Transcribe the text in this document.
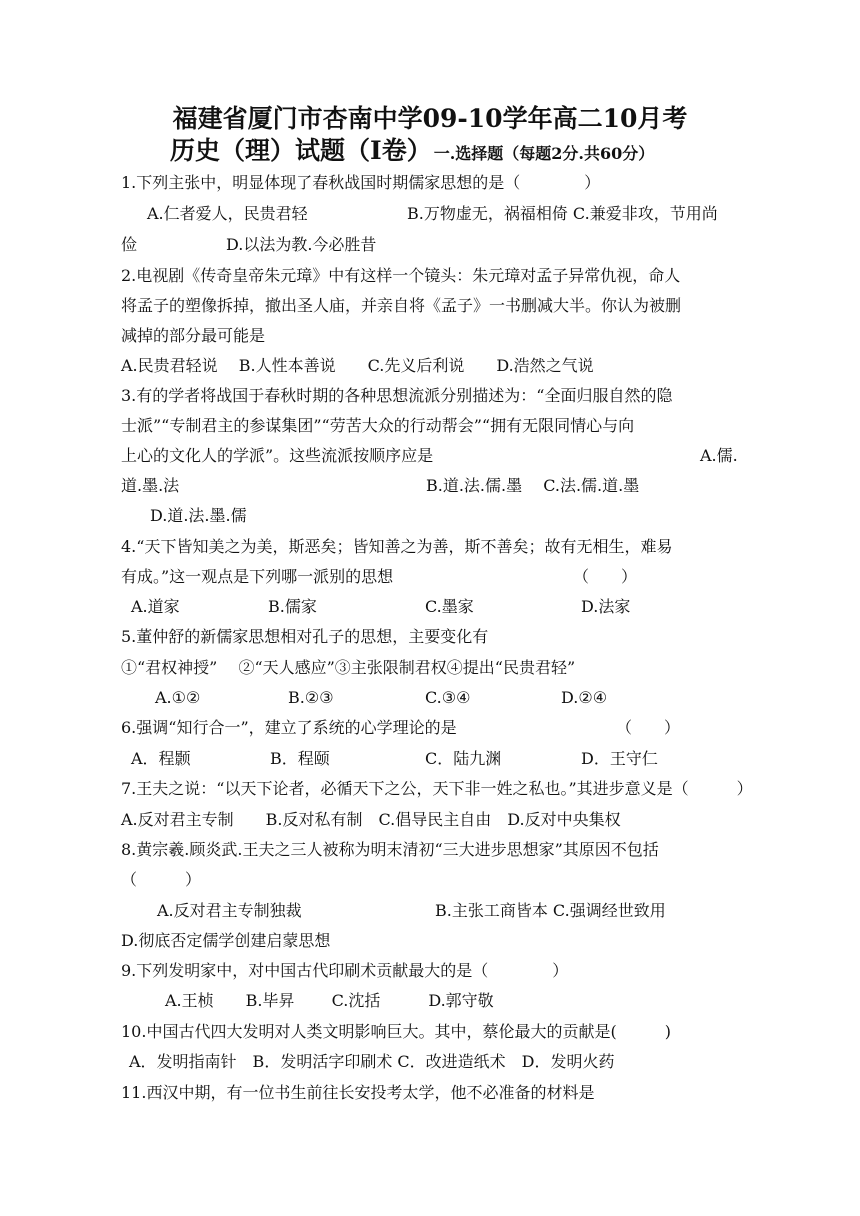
福建省厦门市杏南中学09-10学年高二10月考
历史（理）试题（Ⅰ卷） 一.选择题（每题2分.共60分）
1.下列主张中，明显体现了春秋战国时期儒家思想的是（　　　　）
A.仁者爱人，民贵君轻	B.万物虚无，祸福相倚 C.兼爱非攻，节用尚
俭	D.以法为教.今必胜昔
2.电视剧《传奇皇帝朱元璋》中有这样一个镜头：朱元璋对孟子异常仇视，命人
将孟子的塑像拆掉，撤出圣人庙，并亲自将《孟子》一书删减大半。你认为被删
减掉的部分最可能是
A.民贵君轻说　 B.人性本善说　　C.先义后利说　　D.浩然之气说
3.有的学者将战国于春秋时期的各种思想流派分别描述为：“全面归服自然的隐
士派”“专制君主的参谋集团”“劳苦大众的行动帮会”“拥有无限同情心与向
上心的文化人的学派”。这些流派按顺序应是	A.儒.
道.墨.法	B.道.法.儒.墨　 C.法.儒.道.墨
D.道.法.墨.儒
4.“天下皆知美之为美，斯恶矣；皆知善之为善，斯不善矣；故有无相生，难易
有成。”这一观点是下列哪一派别的思想	（　　）
A.道家	B.儒家	C.墨家	D.法家
5.董仲舒的新儒家思想相对孔子的思想，主要变化有
①“君权神授”　 ②“天人感应”③主张限制君权④提出“民贵君轻”
A.①②	B.②③	C.③④	D.②④
6.强调“知行合一”，建立了系统的心学理论的是	（　　）
A．程颢	B．程颐	C．陆九渊	D．王守仁
7.王夫之说：“以天下论者，必循天下之公，天下非一姓之私也。”其进步意义是（　　　）
A.反对君主专制　　B.反对私有制　C.倡导民主自由　D.反对中央集权
8.黄宗羲.顾炎武.王夫之三人被称为明末清初“三大进步思想家”其原因不包括
（　　　）
A.反对君主专制独裁	B.主张工商皆本 C.强调经世致用
D.彻底否定儒学创建启蒙思想
9.下列发明家中，对中国古代印刷术贡献最大的是（　　　　）
A.王桢　　B.毕昇　　 C.沈括　　　D.郭守敬
10.中国古代四大发明对人类文明影响巨大。其中，蔡伦最大的贡献是(　　　)
A．发明指南针　B．发明活字印刷术 C．改进造纸术　D．发明火药
11.西汉中期，有一位书生前往长安投考太学，他不必准备的材料是
